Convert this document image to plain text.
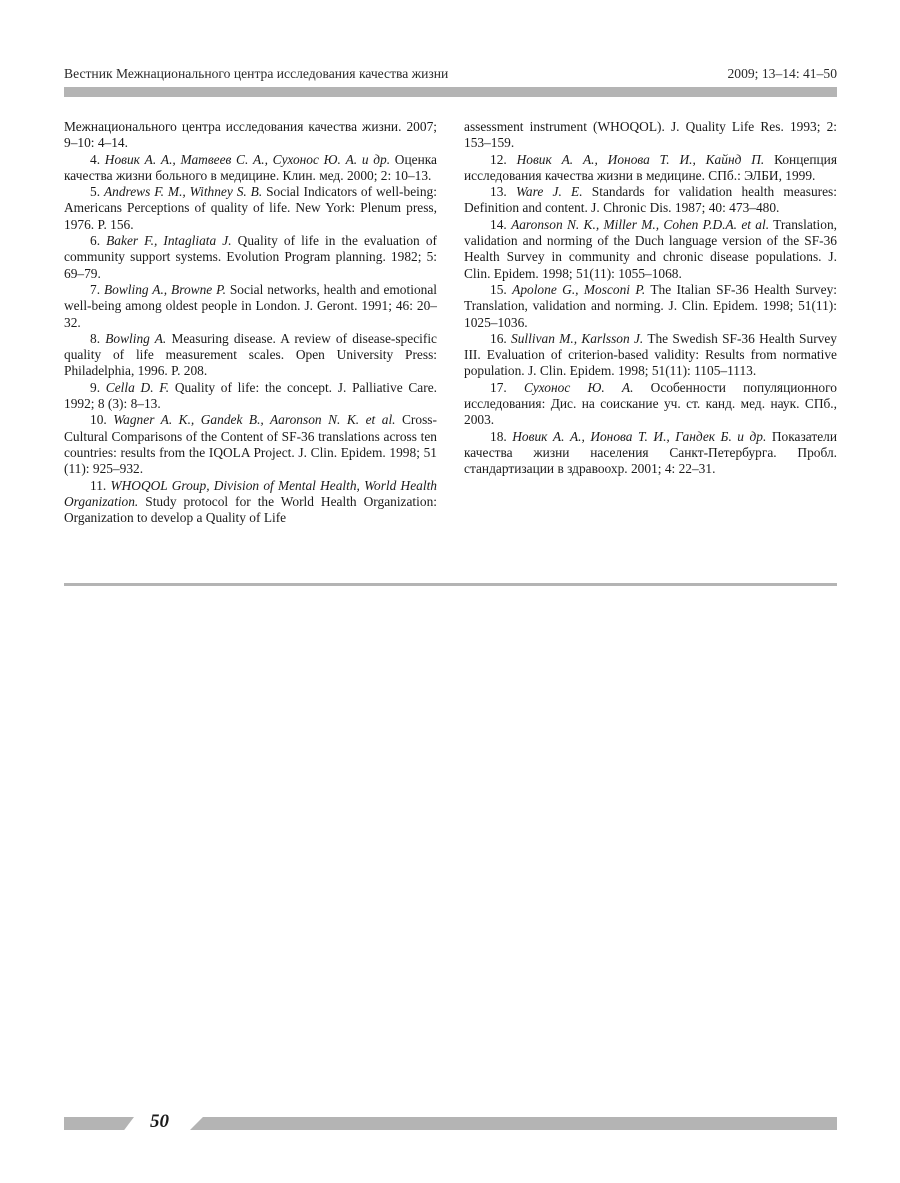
Вестник Межнационального центра исследования качества жизни	2009; 13–14: 41–50

Межнационального центра исследования качества жизни. 2007; 9–10: 4–14.

4. Новик А. А., Матвеев С. А., Сухонос Ю. А. и др. Оценка качества жизни больного в медицине. Клин. мед. 2000; 2: 10–13.

5. Andrews F. M., Withney S. B. Social Indicators of well-being: Americans Perceptions of quality of life. New York: Plenum press, 1976. P. 156.

6. Baker F., Intagliata J. Quality of life in the evaluation of community support systems. Evolution Program planning. 1982; 5: 69–79.

7. Bowling A., Browne P. Social networks, health and emotional well-being among oldest people in London. J. Geront. 1991; 46: 20–32.

8. Bowling A. Measuring disease. A review of disease-specific quality of life measurement scales. Open University Press: Philadelphia, 1996. P. 208.

9. Cella D. F. Quality of life: the concept. J. Palliative Care. 1992; 8 (3): 8–13.

10. Wagner A. K., Gandek B., Aaronson N. K. et al. Cross-Cultural Comparisons of the Content of SF-36 translations across ten countries: results from the IQOLA Project. J. Clin. Epidem. 1998; 51 (11): 925–932.

11. WHOQOL Group, Division of Mental Health, World Health Organization. Study protocol for the World Health Organization: Organization to develop a Quality of Life

assessment instrument (WHOQOL). J. Quality Life Res. 1993; 2: 153–159.

12. Новик А. А., Ионова Т. И., Кайнд П. Концепция исследования качества жизни в медицине. СПб.: ЭЛБИ, 1999.

13. Ware J. E. Standards for validation health measures: Definition and content. J. Chronic Dis. 1987; 40: 473–480.

14. Aaronson N. K., Miller M., Cohen P.D.A. et al. Translation, validation and norming of the Duch language version of the SF-36 Health Survey in community and chronic disease populations. J. Clin. Epidem. 1998; 51(11): 1055–1068.

15. Apolone G., Mosconi P. The Italian SF-36 Health Survey: Translation, validation and norming. J. Clin. Epidem. 1998; 51(11): 1025–1036.

16. Sullivan M., Karlsson J. The Swedish SF-36 Health Survey III. Evaluation of criterion-based validity: Results from normative population. J. Clin. Epidem. 1998; 51(11): 1105–1113.

17. Сухонос Ю. А. Особенности популяционного исследования: Дис. на соискание уч. ст. канд. мед. наук. СПб., 2003.

18. Новик А. А., Ионова Т. И., Гандек Б. и др. Показатели качества жизни населения Санкт-Петербурга. Пробл. стандартизации в здравоохр. 2001; 4: 22–31.

50
